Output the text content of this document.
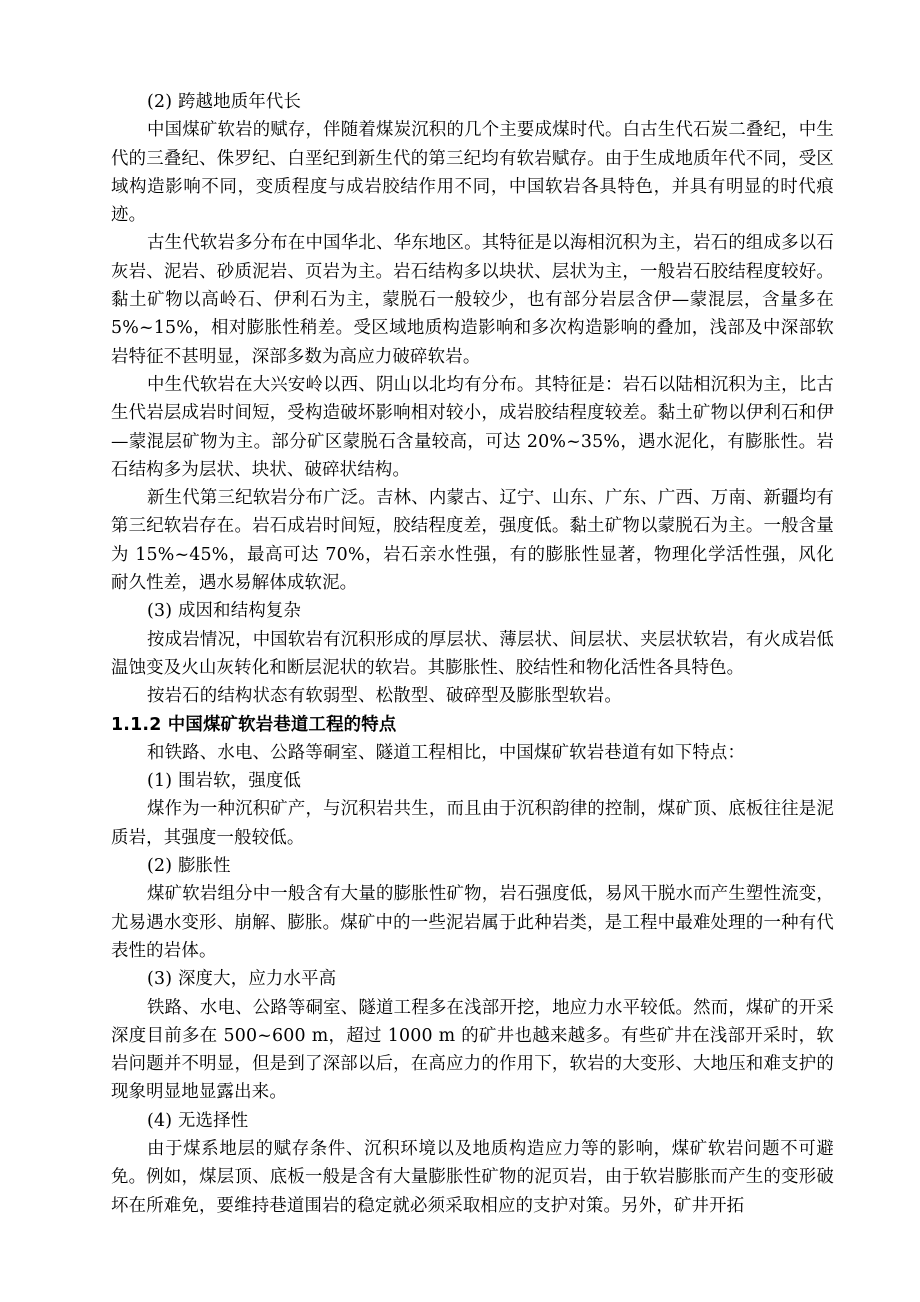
(2) 跨越地质年代长

中国煤矿软岩的赋存，伴随着煤炭沉积的几个主要成煤时代。白古生代石炭二叠纪，中生代的三叠纪、侏罗纪、白垩纪到新生代的第三纪均有软岩赋存。由于生成地质年代不同，受区域构造影响不同，变质程度与成岩胶结作用不同，中国软岩各具特色，并具有明显的时代痕迹。

古生代软岩多分布在中国华北、华东地区。其特征是以海相沉积为主，岩石的组成多以石灰岩、泥岩、砂质泥岩、页岩为主。岩石结构多以块状、层状为主，一般岩石胶结程度较好。黏土矿物以高岭石、伊利石为主，蒙脱石一般较少，也有部分岩层含伊—蒙混层，含量多在 5%~15%，相对膨胀性稍差。受区域地质构造影响和多次构造影响的叠加，浅部及中深部软岩特征不甚明显，深部多数为高应力破碎软岩。

中生代软岩在大兴安岭以西、阴山以北均有分布。其特征是：岩石以陆相沉积为主，比古生代岩层成岩时间短，受构造破坏影响相对较小，成岩胶结程度较差。黏土矿物以伊利石和伊—蒙混层矿物为主。部分矿区蒙脱石含量较高，可达 20%~35%，遇水泥化，有膨胀性。岩石结构多为层状、块状、破碎状结构。

新生代第三纪软岩分布广泛。吉林、内蒙古、辽宁、山东、广东、广西、万南、新疆均有第三纪软岩存在。岩石成岩时间短，胶结程度差，强度低。黏土矿物以蒙脱石为主。一般含量为 15%~45%，最高可达 70%，岩石亲水性强，有的膨胀性显著，物理化学活性强，风化耐久性差，遇水易解体成软泥。

(3) 成因和结构复杂

按成岩情况，中国软岩有沉积形成的厚层状、薄层状、间层状、夹层状软岩，有火成岩低温蚀变及火山灰转化和断层泥状的软岩。其膨胀性、胶结性和物化活性各具特色。

按岩石的结构状态有软弱型、松散型、破碎型及膨胀型软岩。

1.1.2 中国煤矿软岩巷道工程的特点

和铁路、水电、公路等硐室、隧道工程相比，中国煤矿软岩巷道有如下特点：

(1) 围岩软，强度低

煤作为一种沉积矿产，与沉积岩共生，而且由于沉积韵律的控制，煤矿顶、底板往往是泥质岩，其强度一般较低。

(2) 膨胀性

煤矿软岩组分中一般含有大量的膨胀性矿物，岩石强度低，易风干脱水而产生塑性流变，尤易遇水变形、崩解、膨胀。煤矿中的一些泥岩属于此种岩类，是工程中最难处理的一种有代表性的岩体。

(3) 深度大，应力水平高

铁路、水电、公路等硐室、隧道工程多在浅部开挖，地应力水平较低。然而，煤矿的开采深度目前多在 500~600 m，超过 1000 m 的矿井也越来越多。有些矿井在浅部开采时，软岩问题并不明显，但是到了深部以后，在高应力的作用下，软岩的大变形、大地压和难支护的现象明显地显露出来。

(4) 无选择性

由于煤系地层的赋存条件、沉积环境以及地质构造应力等的影响，煤矿软岩问题不可避免。例如，煤层顶、底板一般是含有大量膨胀性矿物的泥页岩，由于软岩膨胀而产生的变形破坏在所难免，要维持巷道围岩的稳定就必须采取相应的支护对策。另外，矿井开拓
